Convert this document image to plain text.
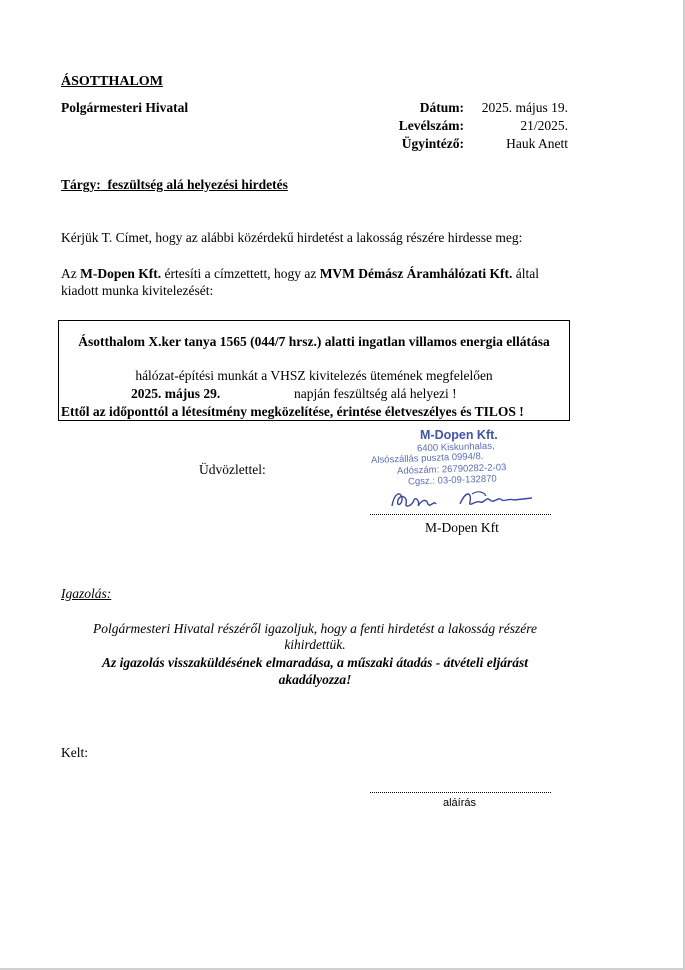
ÁSOTTHALOM
Polgármesteri Hivatal	Dátum:	2025. május 19.
Levélszám:	21/2025.
Ügyintéző:	Hauk Anett
Tárgy: feszültség alá helyezési hirdetés
Kérjük T. Címet, hogy az alábbi közérdekű hirdetést a lakosság részére hirdesse meg:
Az M-Dopen Kft. értesíti a címzettett, hogy az MVM Démász Áramhálózati Kft. által
kiadott munka kivitelezését:
Ásotthalom X.ker tanya 1565 (044/7 hrsz.) alatti ingatlan villamos energia ellátása
hálózat-építési munkát a VHSZ kivitelezés ütemének megfelelően
2025. május 29.	napján feszültség alá helyezi !
Ettől az időponttól a létesítmény megközelítése, érintése életveszélyes és TILOS !
M-Dopen Kft.
6400 Kiskunhalas,
Alsószállás puszta 0994/8.
Adószám: 26790282-2-03
Cgsz.: 03-09-132870
Üdvözlettel:
M-Dopen Kft
Igazolás:
Polgármesteri Hivatal részéről igazoljuk, hogy a fenti hirdetést a lakosság részére
kihirdettük.
Az igazolás visszaküldésének elmaradása, a műszaki átadás - átvételi eljárást
akadályozza!
Kelt:
aláírás
